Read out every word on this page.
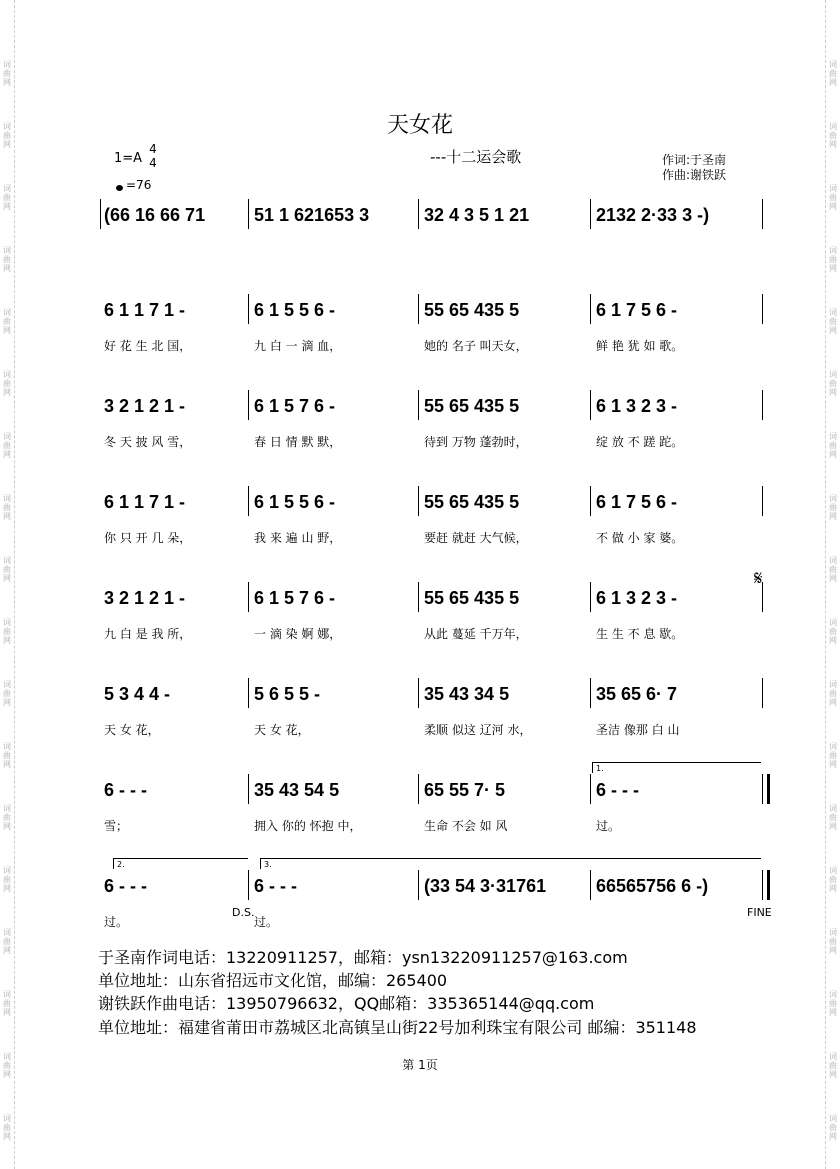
词
曲
网
词
曲
网
词
曲
网
词
曲
网
词
曲
网
词
曲
网
词
曲
网
词
曲
网
词
曲
网
词
曲
网
词
曲
网
词
曲
网
词
曲
网
词
曲
网
词
曲
网
词
曲
网
词
曲
网
词
曲
网
词
曲
网
词
曲
网
词
曲
网
词
曲
网
词
曲
网
词
曲
网
词
曲
网
词
曲
网
词
曲
网
词
曲
网
词
曲
网
词
曲
网
词
曲
网
词
曲
网
词
曲
网
词
曲
网
词
曲
网
词
曲
网
天女花
---十二运会歌
1=A
4
4
=76
作词:于圣南
作曲:谢铁跃
(66 16 66 71	51 1 621653 3	32 4 3 5 1 21	2132 2·33 3 -)
6 1 1 7 1 -
好 花 生 北 国，
6 1 5 5 6 -
九 白 一 滴 血，
55 65 435 5
她的 名子 叫天女，
6 1 7 5 6 -
鲜 艳 犹 如 歌。
3 2 1 2 1 -
冬 天 披 风 雪，
6 1 5 7 6 -
春 日 情 默 默，
55 65 435 5
待到 万物 蓬勃时，
6 1 3 2 3 -
绽 放 不 蹉 跎。
6 1 1 7 1 -
你 只 开 几 朵，
6 1 5 5 6 -
我 来 遍 山 野，
55 65 435 5
要赶 就赶 大气候，
6 1 7 5 6 -
不 做 小 家 婆。
3 2 1 2 1 -
九 白 是 我 所，
6 1 5 7 6 -
一 滴 染 婀 娜，
55 65 435 5
从此 蔓延 千万年，
6 1 3 2 3 -
生 生 不 息 歇。
5 3 4 4 -
天 女 花，
5 6 5 5 -
天 女 花，
35 43 34 5
柔顺 似这 辽河 水，
35 65 6· 7
圣洁 像那 白 山
6 - - -
雪；
35 43 54 5
拥入 你的 怀抱 中，
65 55 7· 5
生命 不会 如 风
6 - - -
过。
6 - - -
过。
6 - - -
过。
(33 54 3·31761	66565756 6 -)
𝄋
D.S.	FINE
1.
2.	3.
于圣南作词电话：13220911257，邮箱：ysn13220911257@163.com
单位地址：山东省招远市文化馆，邮编：265400
谢铁跃作曲电话：13950796632，QQ邮箱：335365144@qq.com
单位地址：福建省莆田市荔城区北高镇呈山街22号加利珠宝有限公司 邮编：351148
第 1页
